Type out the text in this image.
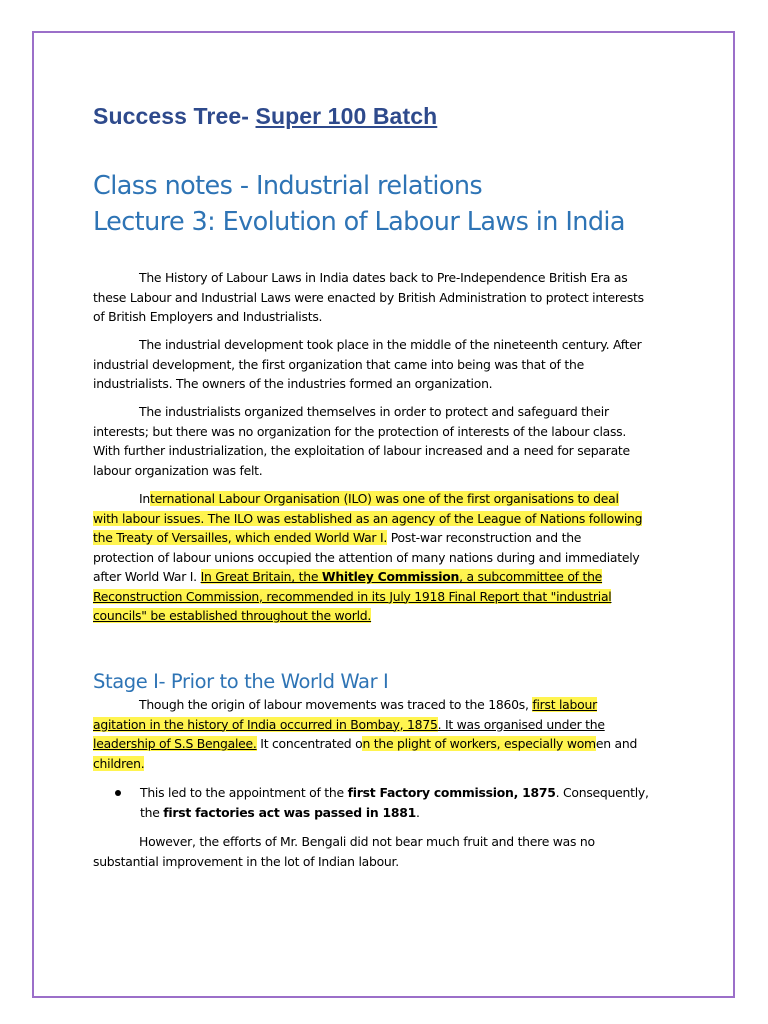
Success Tree- Super 100 Batch
Class notes - Industrial relations
Lecture 3: Evolution of Labour Laws in India
The History of Labour Laws in India dates back to Pre-Independence British Era as
these Labour and Industrial Laws were enacted by British Administration to protect interests
of British Employers and Industrialists.
The industrial development took place in the middle of the nineteenth century. After
industrial development, the first organization that came into being was that of the
industrialists. The owners of the industries formed an organization.
The industrialists organized themselves in order to protect and safeguard their
interests; but there was no organization for the protection of interests of the labour class.
With further industrialization, the exploitation of labour increased and a need for separate
labour organization was felt.
International Labour Organisation (ILO) was one of the first organisations to deal
with labour issues. The ILO was established as an agency of the League of Nations following
the Treaty of Versailles, which ended World War I. Post-war reconstruction and the
protection of labour unions occupied the attention of many nations during and immediately
after World War I. In Great Britain, the Whitley Commission, a subcommittee of the
Reconstruction Commission, recommended in its July 1918 Final Report that "industrial
councils" be established throughout the world.
Stage I- Prior to the World War I
Though the origin of labour movements was traced to the 1860s, first labour
agitation in the history of India occurred in Bombay, 1875. It was organised under the
leadership of S.S Bengalee. It concentrated on the plight of workers, especially women and
children.
This led to the appointment of the first Factory commission, 1875. Consequently,
the first factories act was passed in 1881.
However, the efforts of Mr. Bengali did not bear much fruit and there was no
substantial improvement in the lot of Indian labour.
